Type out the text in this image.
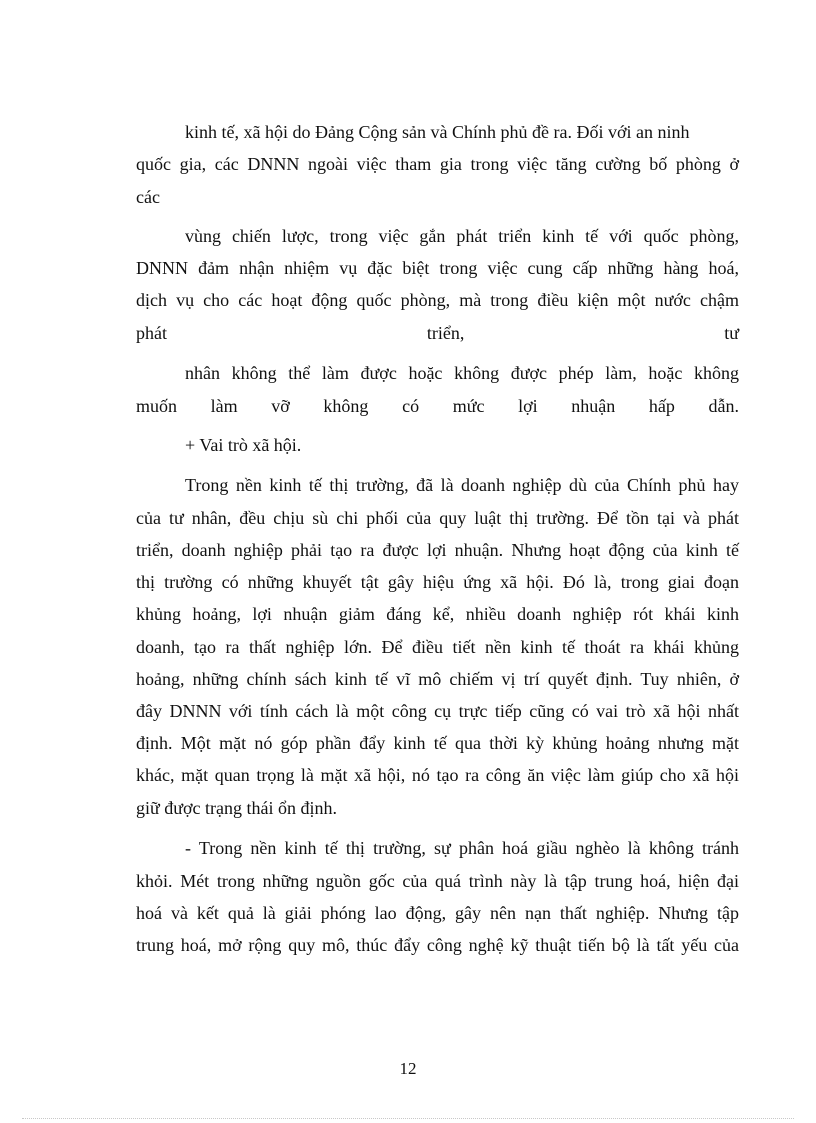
kinh tế, xã hội do Đảng Cộng sản và Chính phủ đề ra. Đối với an ninh
quốc gia, các DNNN ngoài việc tham gia trong việc tăng cường bố phòng ở
các
vùng chiến lược, trong việc gắn phát triển kinh tế với quốc phòng,
DNNN đảm nhận nhiệm vụ đặc biệt trong việc cung cấp những hàng hoá,
dịch vụ cho các hoạt động quốc phòng, mà trong điều kiện một nước chậm
phát triển, tư
nhân không thể làm được hoặc không được phép làm, hoặc không
muốn làm vỡ không có mức lợi nhuận hấp dẫn.
+ Vai trò xã hội.
Trong nền kinh tế thị trường, đã là doanh nghiệp dù của Chính phủ hay
của tư nhân, đều chịu sù chi phối của quy luật thị trường. Để tồn tại và phát
triển, doanh nghiệp phải tạo ra được lợi nhuận. Nhưng hoạt động của kinh tế
thị trường có những khuyết tật gây hiệu ứng xã hội. Đó là, trong giai đoạn
khủng hoảng, lợi nhuận giảm đáng kể, nhiều doanh nghiệp rót khái kinh
doanh, tạo ra thất nghiệp lớn. Để điều tiết nền kinh tế thoát ra khái khủng
hoảng, những chính sách kinh tế vĩ mô chiếm vị trí quyết định. Tuy nhiên, ở
đây DNNN với tính cách là một công cụ trực tiếp cũng có vai trò xã hội nhất
định. Một mặt nó góp phần đẩy kinh tế qua thời kỳ khủng hoảng nhưng mặt
khác, mặt quan trọng là mặt xã hội, nó tạo ra công ăn việc làm giúp cho xã hội
giữ được trạng thái ổn định.
- Trong nền kinh tế thị trường, sự phân hoá giầu nghèo là không tránh
khỏi. Mét trong những nguồn gốc của quá trình này là tập trung hoá, hiện đại
hoá và kết quả là giải phóng lao động, gây nên nạn thất nghiệp. Nhưng tập
trung hoá, mở rộng quy mô, thúc đẩy công nghệ kỹ thuật tiến bộ là tất yếu của
12
